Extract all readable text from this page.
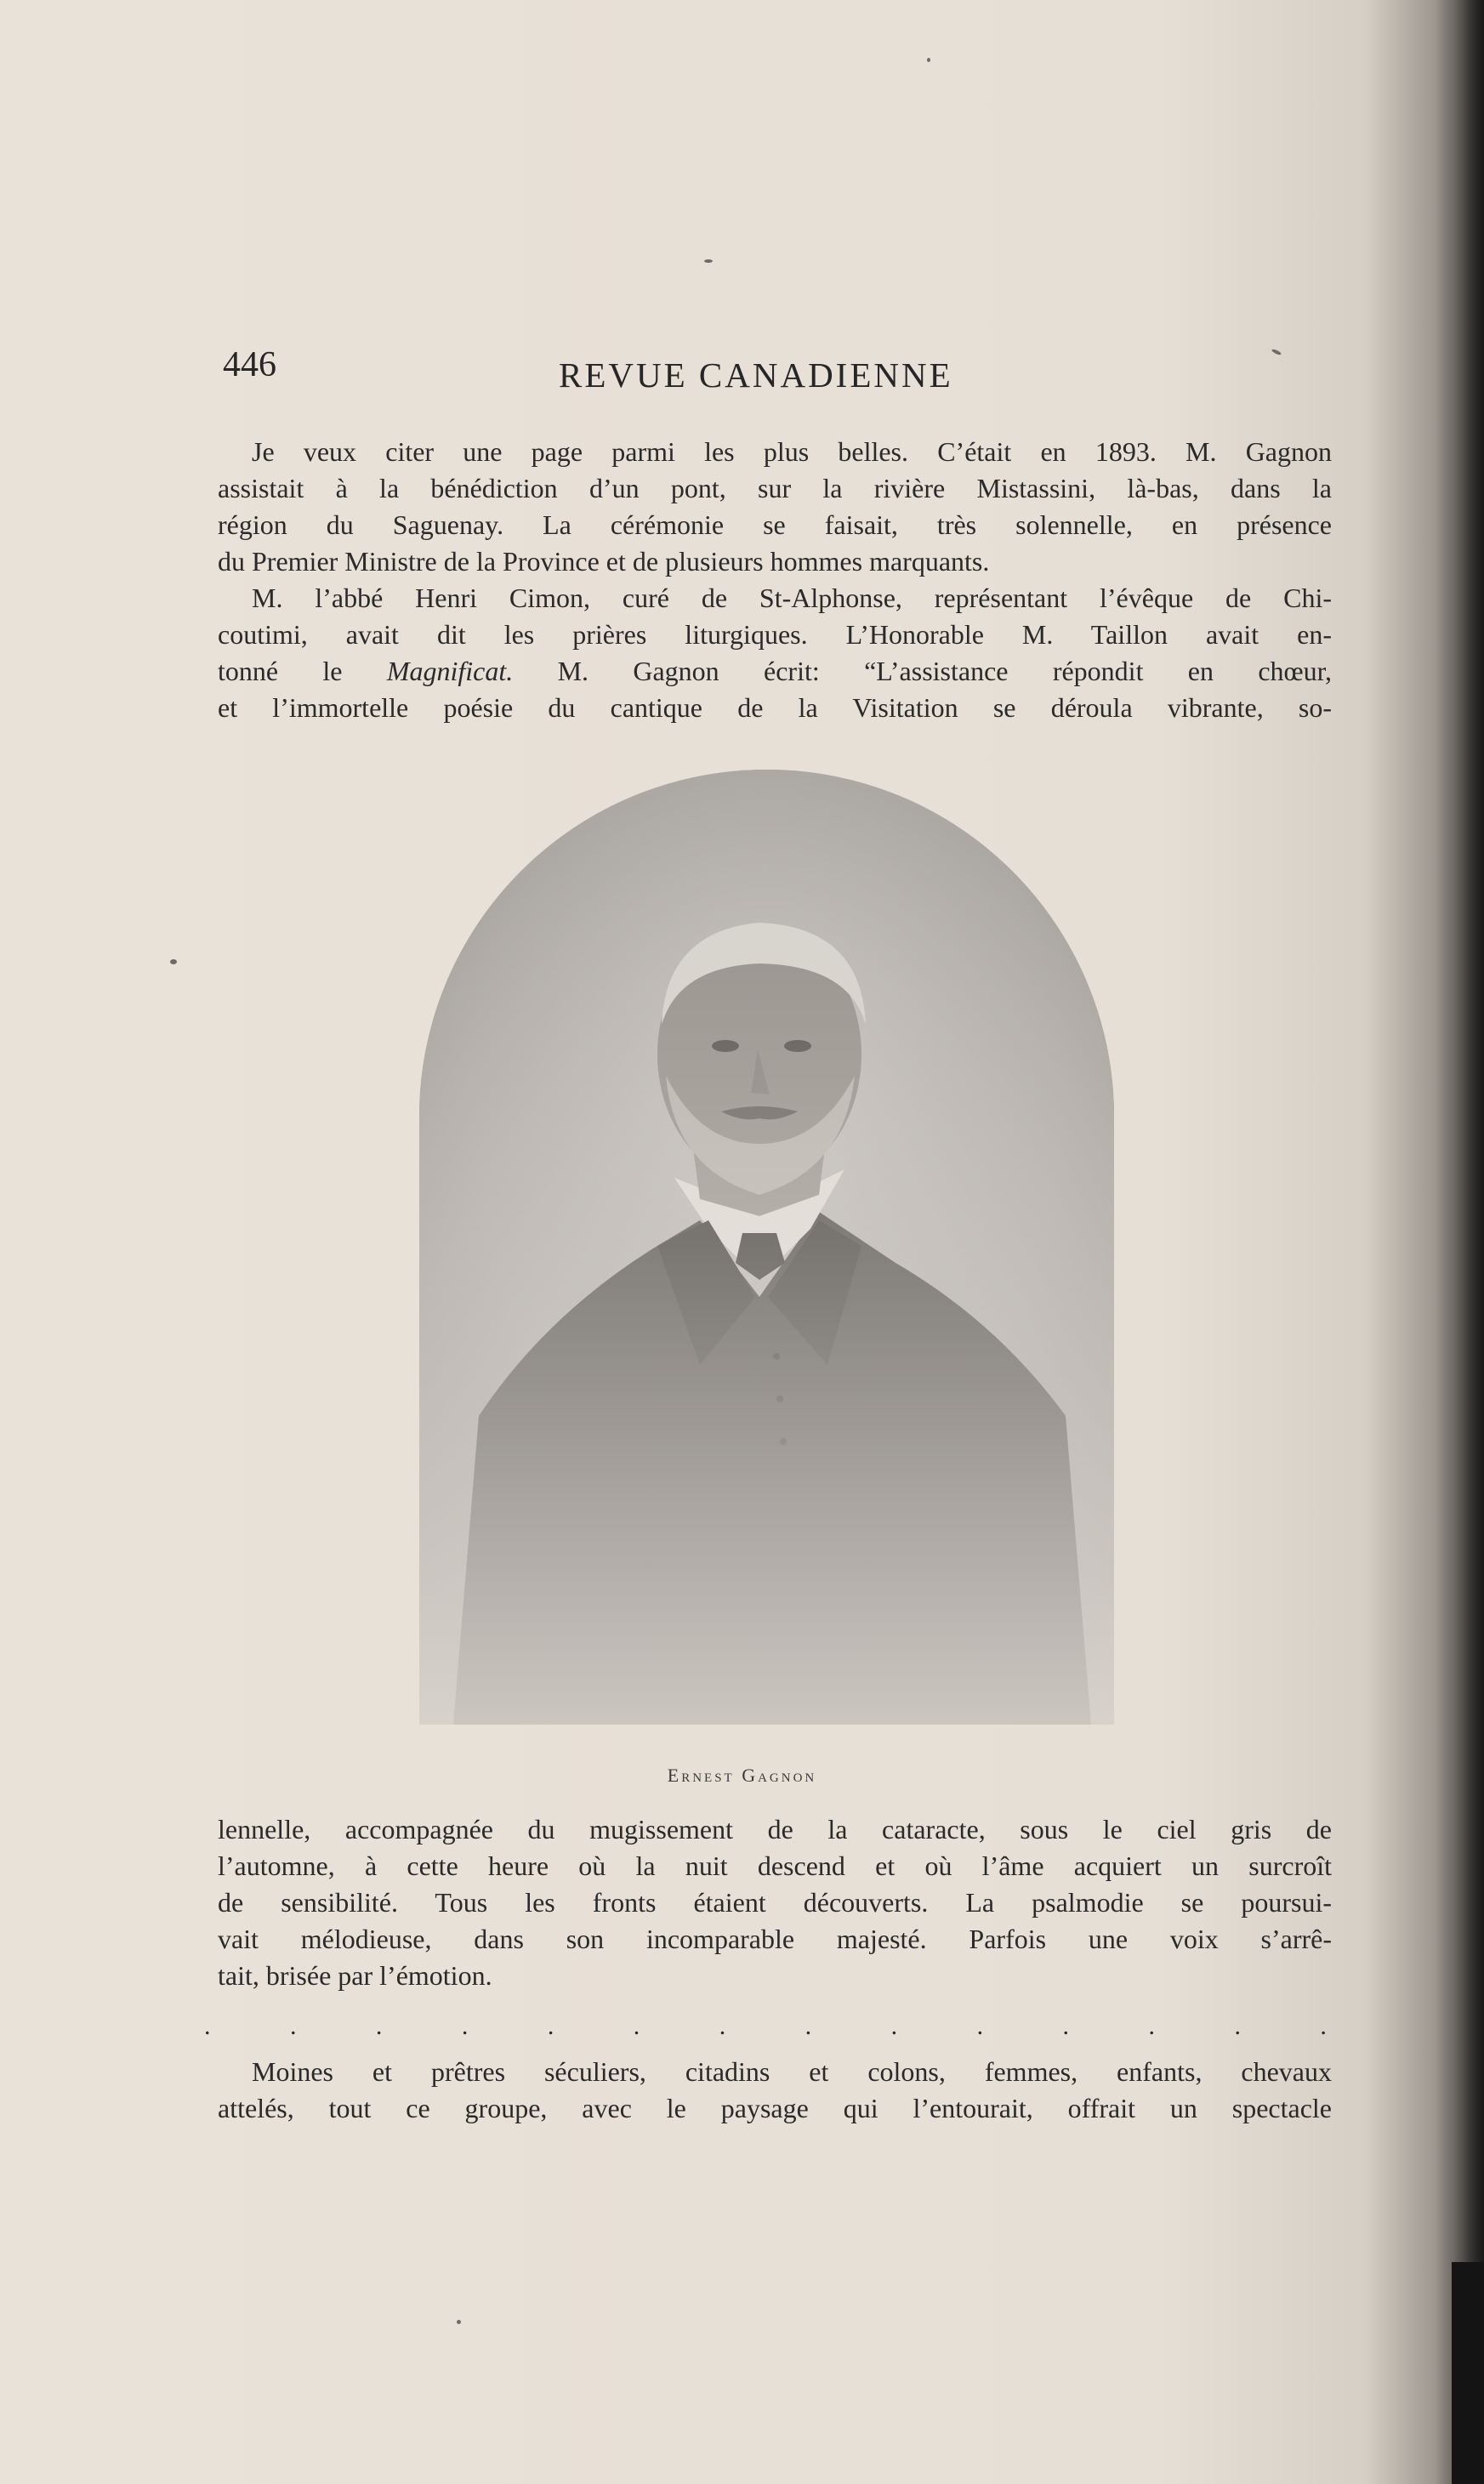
446	REVUE CANADIENNE
Je veux citer une page parmi les plus belles. C’était en 1893. M. Gagnon
assistait à la bénédiction d’un pont, sur la rivière Mistassini, là-bas, dans la
région du Saguenay. La cérémonie se faisait, très solennelle, en présence
du Premier Ministre de la Province et de plusieurs hommes marquants.
M. l’abbé Henri Cimon, curé de St-Alphonse, représentant l’évêque de Chi-
coutimi, avait dit les prières liturgiques. L’Honorable M. Taillon avait en-
tonné le Magnificat. M. Gagnon écrit: “L’assistance répondit en chœur,
et l’immortelle poésie du cantique de la Visitation se déroula vibrante, so-
Ernest Gagnon
lennelle, accompagnée du mugissement de la cataracte, sous le ciel gris de
l’automne, à cette heure où la nuit descend et où l’âme acquiert un surcroît
de sensibilité. Tous les fronts étaient découverts. La psalmodie se poursui-
vait mélodieuse, dans son incomparable majesté. Parfois une voix s’arrê-
tait, brisée par l’émotion.
.	.	.	.	.	.	.	.	.	.	.	.	.	.
Moines et prêtres séculiers, citadins et colons, femmes, enfants, chevaux
attelés, tout ce groupe, avec le paysage qui l’entourait, offrait un spectacle
